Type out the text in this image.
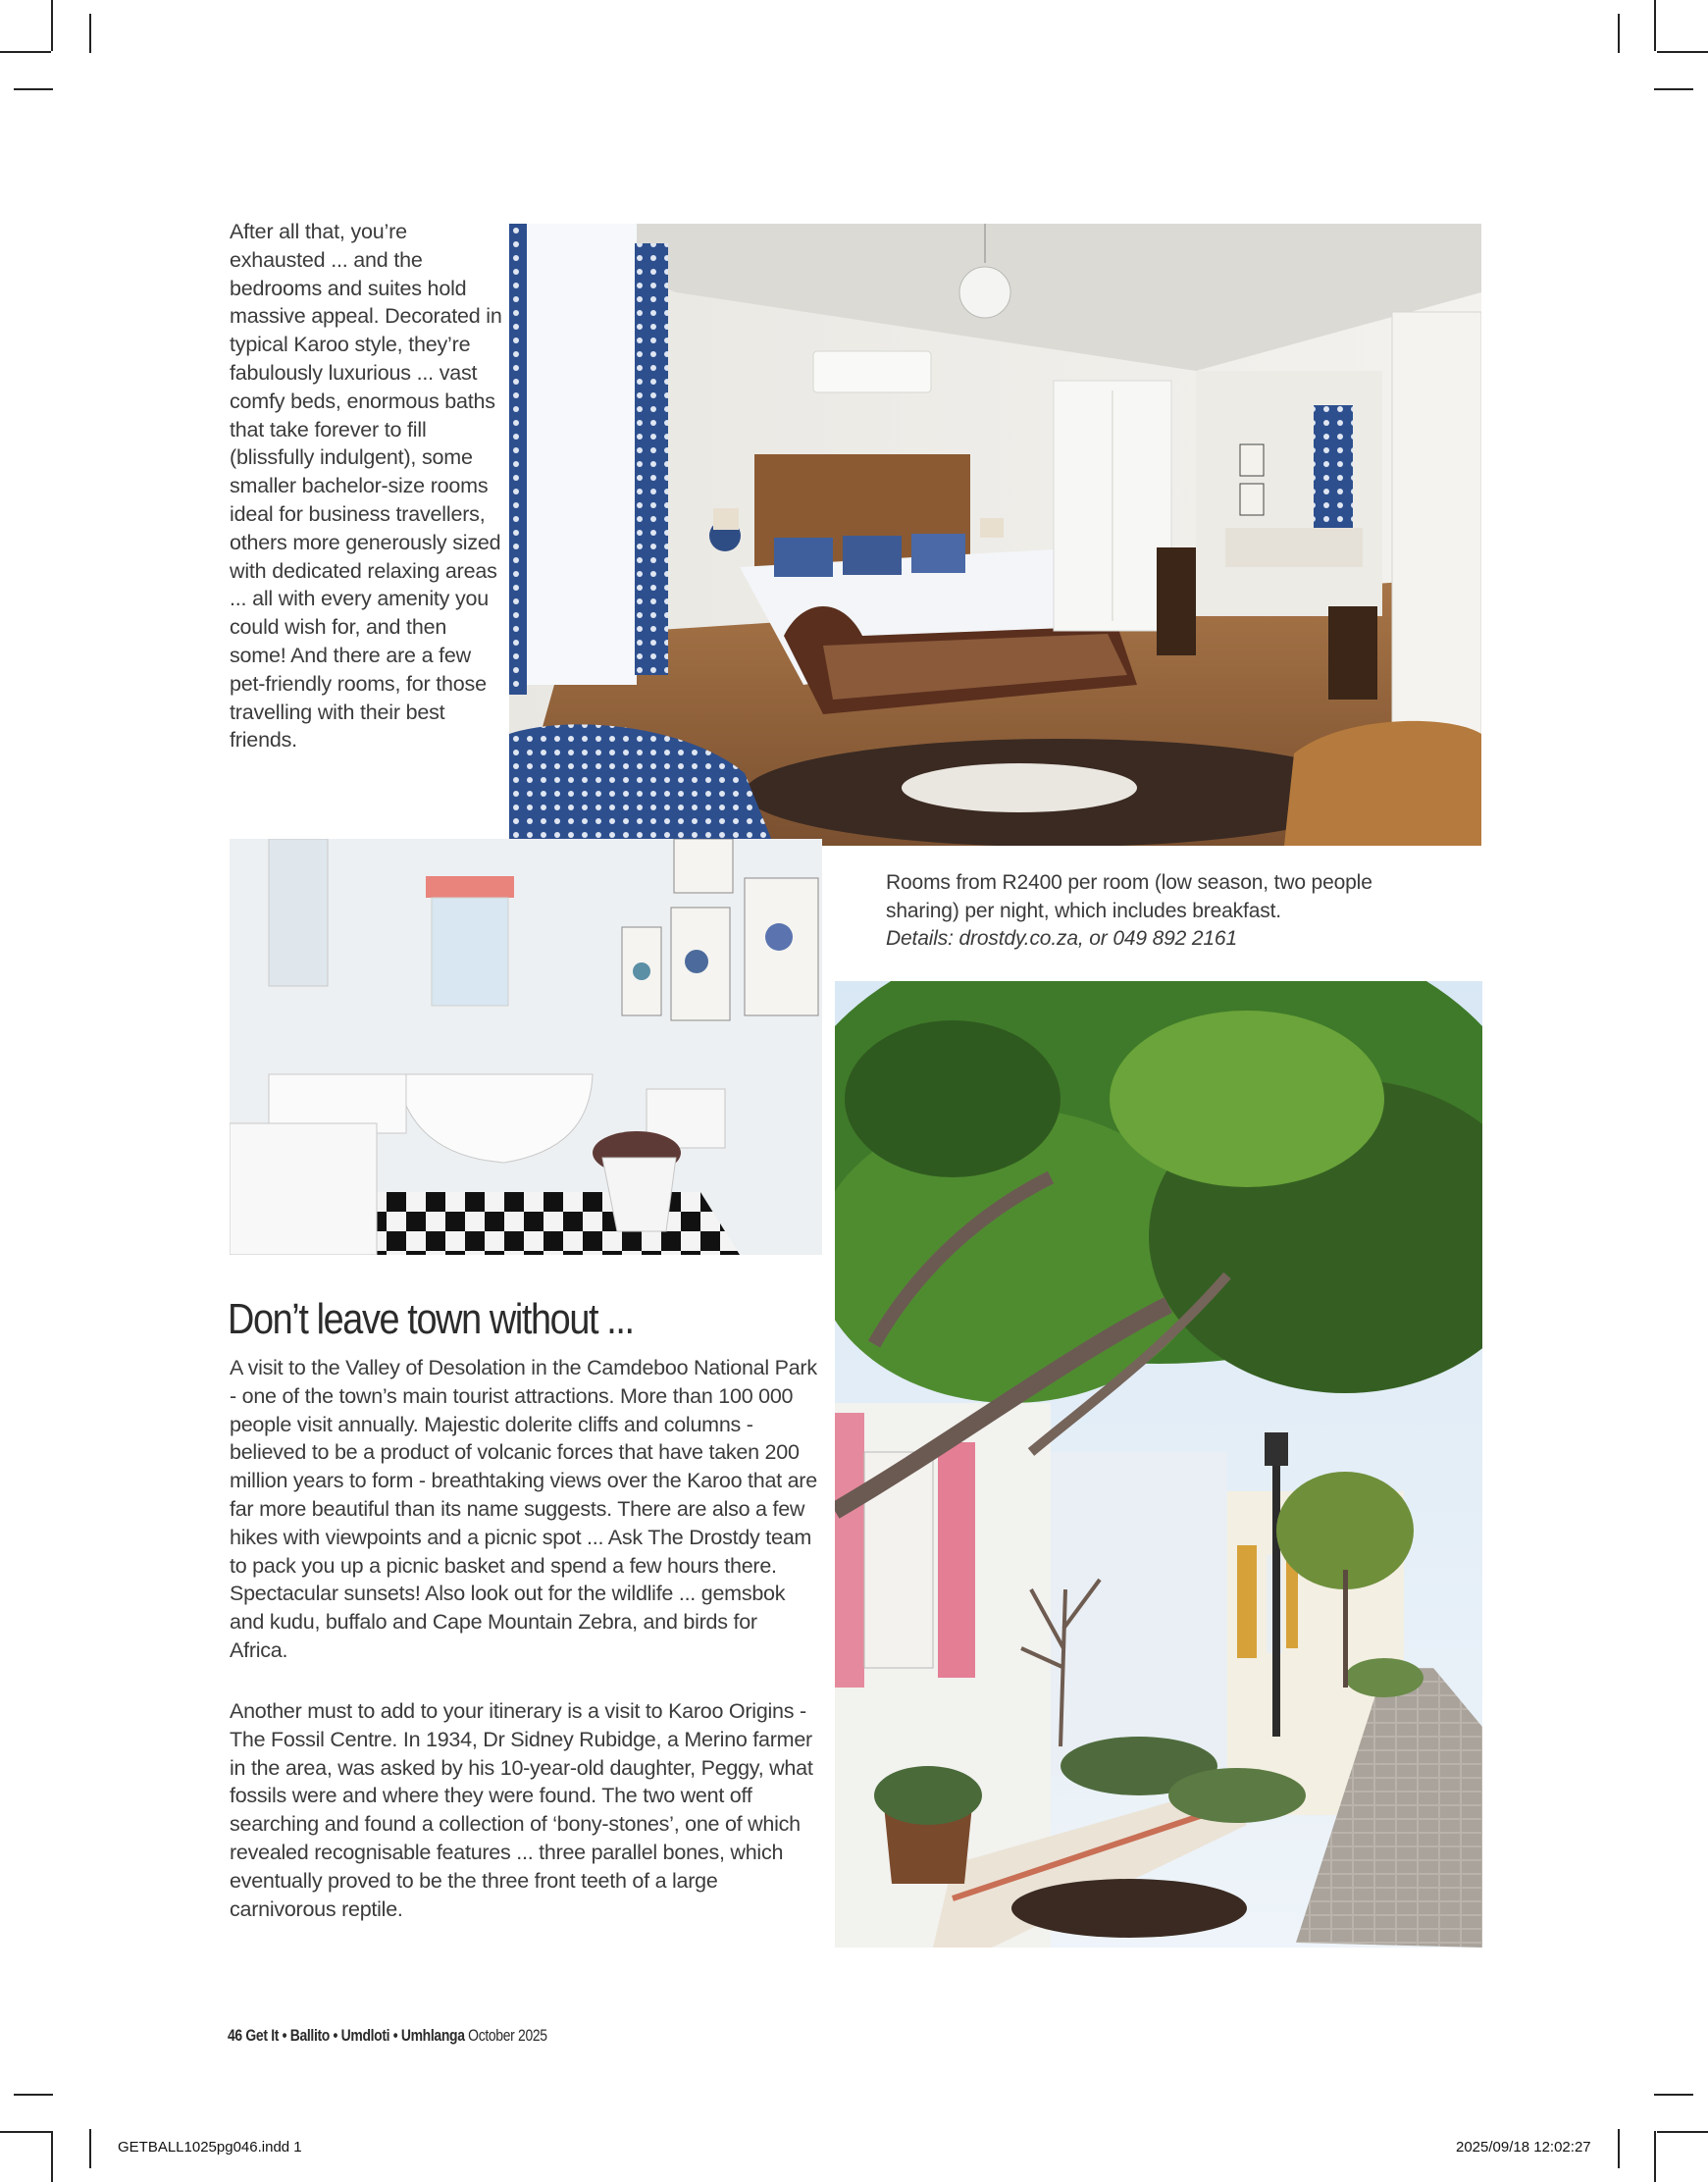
After all that, you’re exhausted ... and the bedrooms and suites hold massive appeal. Decorated in typical Karoo style, they’re fabulously luxurious ... vast comfy beds, enormous baths that take forever to fill (blissfully indulgent), some smaller bachelor-size rooms ideal for business travellers, others more generously sized with dedicated relaxing areas ... all with every amenity you could wish for, and then some! And there are a few pet-friendly rooms, for those travelling with their best friends.
Rooms from R2400 per room (low season, two people sharing) per night, which includes breakfast.
Details: drostdy.co.za, or 049 892 2161
Don’t leave town without ...
A visit to the Valley of Desolation in the Camdeboo National Park - one of the town’s main tourist attractions. More than 100 000 people visit annually. Majestic dolerite cliffs and columns - believed to be a product of volcanic forces that have taken 200 million years to form - breathtaking views over the Karoo that are far more beautiful than its name suggests. There are also a few hikes with viewpoints and a picnic spot ... Ask The Drostdy team to pack you up a picnic basket and spend a few hours there. Spectacular sunsets! Also look out for the wildlife ... gemsbok and kudu, buffalo and Cape Mountain Zebra, and birds for Africa.
Another must to add to your itinerary is a visit to Karoo Origins - The Fossil Centre. In 1934, Dr Sidney Rubidge, a Merino farmer in the area, was asked by his 10-year-old daughter, Peggy, what fossils were and where they were found. The two went off searching and found a collection of ‘bony-stones’, one of which revealed recognisable features ... three parallel bones, which eventually proved to be the three front teeth of a large carnivorous reptile.
46 Get It • Ballito • Umdloti • Umhlanga October 2025
GETBALL1025pg046.indd 1	2025/09/18 12:02:27
